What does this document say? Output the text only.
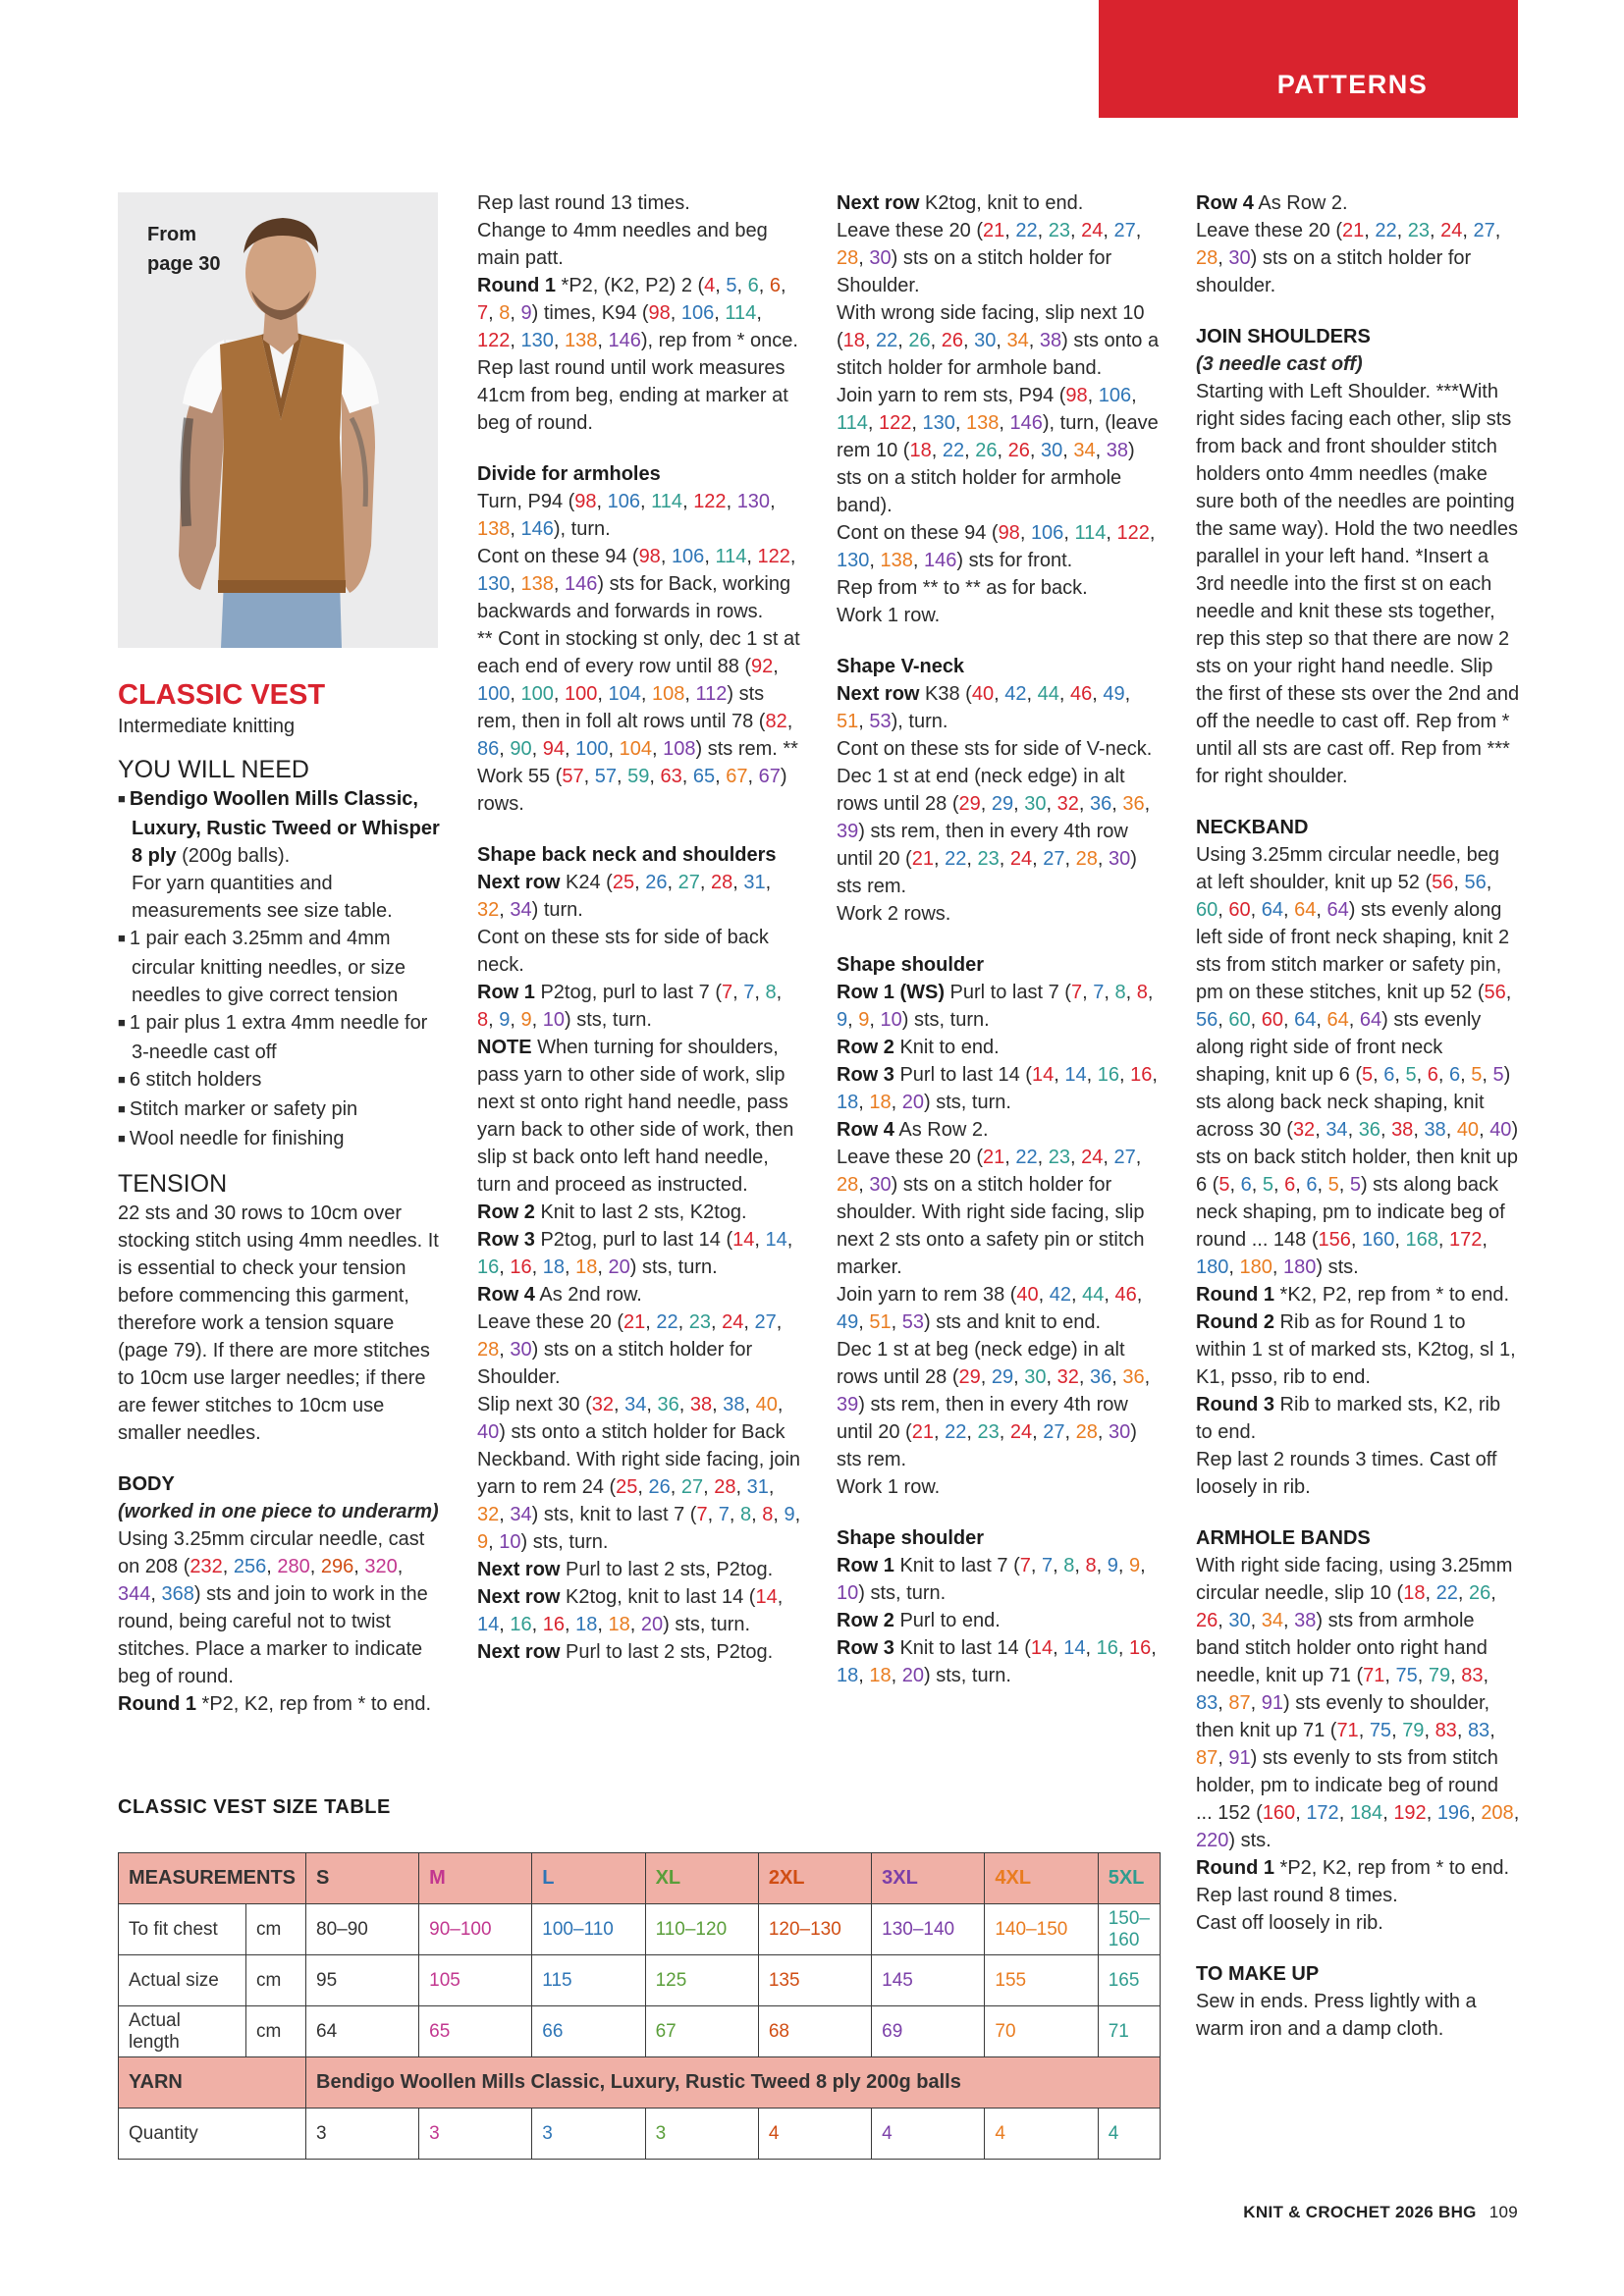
PATTERNS
From
page 30

CLASSIC VEST

Intermediate knitting

YOU WILL NEED

■ Bendigo Woollen Mills Classic, Luxury, Rustic Tweed or Whisper 8 ply (200g balls).
For yarn quantities and measurements see size table.

■ 1 pair each 3.25mm and 4mm circular knitting needles, or size needles to give correct tension

■ 1 pair plus 1 extra 4mm needle for 3-needle cast off

■ 6 stitch holders

■ Stitch marker or safety pin

■ Wool needle for finishing

TENSION

22 sts and 30 rows to 10cm over stocking stitch using 4mm needles. It is essential to check your tension before commencing this garment, therefore work a tension square (page 79). If there are more stitches to 10cm use larger needles; if there are fewer stitches to 10cm use smaller needles.

BODY

(worked in one piece to underarm)

Using 3.25mm circular needle, cast on 208 (232, 256, 280, 296, 320, 344, 368) sts and join to work in the round, being careful not to twist stitches. Place a marker to indicate beg of round.
Round 1 *P2, K2, rep from * to end.

Rep last round 13 times.
Change to 4mm needles and beg main patt.
Round 1 *P2, (K2, P2) 2 (4, 5, 6, 6, 7, 8, 9) times, K94 (98, 106, 114, 122, 130, 138, 146), rep from * once.
Rep last round until work measures 41cm from beg, ending at marker at beg of round.

Divide for armholes
Turn, P94 (98, 106, 114, 122, 130, 138, 146), turn.
Cont on these 94 (98, 106, 114, 122, 130, 138, 146) sts for Back, working backwards and forwards in rows.
** Cont in stocking st only, dec 1 st at each end of every row until 88 (92, 100, 100, 100, 104, 108, 112) sts rem, then in foll alt rows until 78 (82, 86, 90, 94, 100, 104, 108) sts rem. **
Work 55 (57, 57, 59, 63, 65, 67, 67) rows.

Shape back neck and shoulders
Next row K24 (25, 26, 27, 28, 31, 32, 34) turn.
Cont on these sts for side of back neck.
Row 1 P2tog, purl to last 7 (7, 7, 8, 8, 9, 9, 10) sts, turn.
NOTE When turning for shoulders, pass yarn to other side of work, slip next st onto right hand needle, pass yarn back to other side of work, then slip st back onto left hand needle, turn and proceed as instructed.
Row 2 Knit to last 2 sts, K2tog.
Row 3 P2tog, purl to last 14 (14, 14, 16, 16, 18, 18, 20) sts, turn.
Row 4 As 2nd row.
Leave these 20 (21, 22, 23, 24, 27, 28, 30) sts on a stitch holder for Shoulder.
Slip next 30 (32, 34, 36, 38, 38, 40, 40) sts onto a stitch holder for Back Neckband. With right side facing, join yarn to rem 24 (25, 26, 27, 28, 31, 32, 34) sts, knit to last 7 (7, 7, 8, 8, 9, 9, 10) sts, turn.
Next row Purl to last 2 sts, P2tog.
Next row K2tog, knit to last 14 (14, 14, 16, 16, 18, 18, 20) sts, turn.
Next row Purl to last 2 sts, P2tog.

Next row K2tog, knit to end.
Leave these 20 (21, 22, 23, 24, 27, 28, 30) sts on a stitch holder for Shoulder.
With wrong side facing, slip next 10 (18, 22, 26, 26, 30, 34, 38) sts onto a stitch holder for armhole band.
Join yarn to rem sts, P94 (98, 106, 114, 122, 130, 138, 146), turn, (leave rem 10 (18, 22, 26, 26, 30, 34, 38) sts on a stitch holder for armhole band).
Cont on these 94 (98, 106, 114, 122, 130, 138, 146) sts for front.
Rep from ** to ** as for back.
Work 1 row.

Shape V-neck
Next row K38 (40, 42, 44, 46, 49, 51, 53), turn.
Cont on these sts for side of V-neck.
Dec 1 st at end (neck edge) in alt rows until 28 (29, 29, 30, 32, 36, 36, 39) sts rem, then in every 4th row until 20 (21, 22, 23, 24, 27, 28, 30) sts rem.
Work 2 rows.

Shape shoulder
Row 1 (WS) Purl to last 7 (7, 7, 8, 8, 9, 9, 10) sts, turn.
Row 2 Knit to end.
Row 3 Purl to last 14 (14, 14, 16, 16, 18, 18, 20) sts, turn.
Row 4 As Row 2.
Leave these 20 (21, 22, 23, 24, 27, 28, 30) sts on a stitch holder for shoulder. With right side facing, slip next 2 sts onto a safety pin or stitch marker.
Join yarn to rem 38 (40, 42, 44, 46, 49, 51, 53) sts and knit to end.
Dec 1 st at beg (neck edge) in alt rows until 28 (29, 29, 30, 32, 36, 36, 39) sts rem, then in every 4th row until 20 (21, 22, 23, 24, 27, 28, 30) sts rem.
Work 1 row.

Shape shoulder
Row 1 Knit to last 7 (7, 7, 8, 8, 9, 9, 10) sts, turn.
Row 2 Purl to end.
Row 3 Knit to last 14 (14, 14, 16, 16, 18, 18, 20) sts, turn.

Row 4 As Row 2.
Leave these 20 (21, 22, 23, 24, 27, 28, 30) sts on a stitch holder for shoulder.

JOIN SHOULDERS
(3 needle cast off)
Starting with Left Shoulder. ***With right sides facing each other, slip sts from back and front shoulder stitch holders onto 4mm needles (make sure both of the needles are pointing the same way). Hold the two needles parallel in your left hand. *Insert a 3rd needle into the first st on each needle and knit these sts together, rep this step so that there are now 2 sts on your right hand needle. Slip the first of these sts over the 2nd and off the needle to cast off. Rep from * until all sts are cast off. Rep from *** for right shoulder.

NECKBAND
Using 3.25mm circular needle, beg at left shoulder, knit up 52 (56, 56, 60, 60, 64, 64, 64) sts evenly along left side of front neck shaping, knit 2 sts from stitch marker or safety pin, pm on these stitches, knit up 52 (56, 56, 60, 60, 64, 64, 64) sts evenly along right side of front neck shaping, knit up 6 (5, 6, 5, 6, 6, 5, 5) sts along back neck shaping, knit across 30 (32, 34, 36, 38, 38, 40, 40) sts on back stitch holder, then knit up 6 (5, 6, 5, 6, 6, 5, 5) sts along back neck shaping, pm to indicate beg of round ... 148 (156, 160, 168, 172, 180, 180, 180) sts.
Round 1 *K2, P2, rep from * to end.
Round 2 Rib as for Round 1 to within 1 st of marked sts, K2tog, sl 1, K1, psso, rib to end.
Round 3 Rib to marked sts, K2, rib to end.
Rep last 2 rounds 3 times. Cast off loosely in rib.

ARMHOLE BANDS
With right side facing, using 3.25mm circular needle, slip 10 (18, 22, 26, 26, 30, 34, 38) sts from armhole band stitch holder onto right hand needle, knit up 71 (71, 75, 79, 83, 83, 87, 91) sts evenly to shoulder, then knit up 71 (71, 75, 79, 83, 83, 87, 91) sts evenly to sts from stitch holder, pm to indicate beg of round ... 152 (160, 172, 184, 192, 196, 208, 220) sts.
Round 1 *P2, K2, rep from * to end.
Rep last round 8 times.
Cast off loosely in rib.

TO MAKE UP
Sew in ends. Press lightly with a warm iron and a damp cloth.

CLASSIC VEST SIZE TABLE
MEASUREMENTS		S	M	L	XL	2XL	3XL	4XL	5XL
To fit chest	cm	80–90	90–100	100–110	110–120	120–130	130–140	140–150	150–160
Actual size	cm	95	105	115	125	135	145	155	165
Actual length	cm	64	65	66	67	68	69	70	71
YARN		Bendigo Woollen Mills Classic, Luxury, Rustic Tweed 8 ply 200g balls							
Quantity		3	3	3	3	4	4	4	4
KNIT & CROCHET 2026 BHG 109
